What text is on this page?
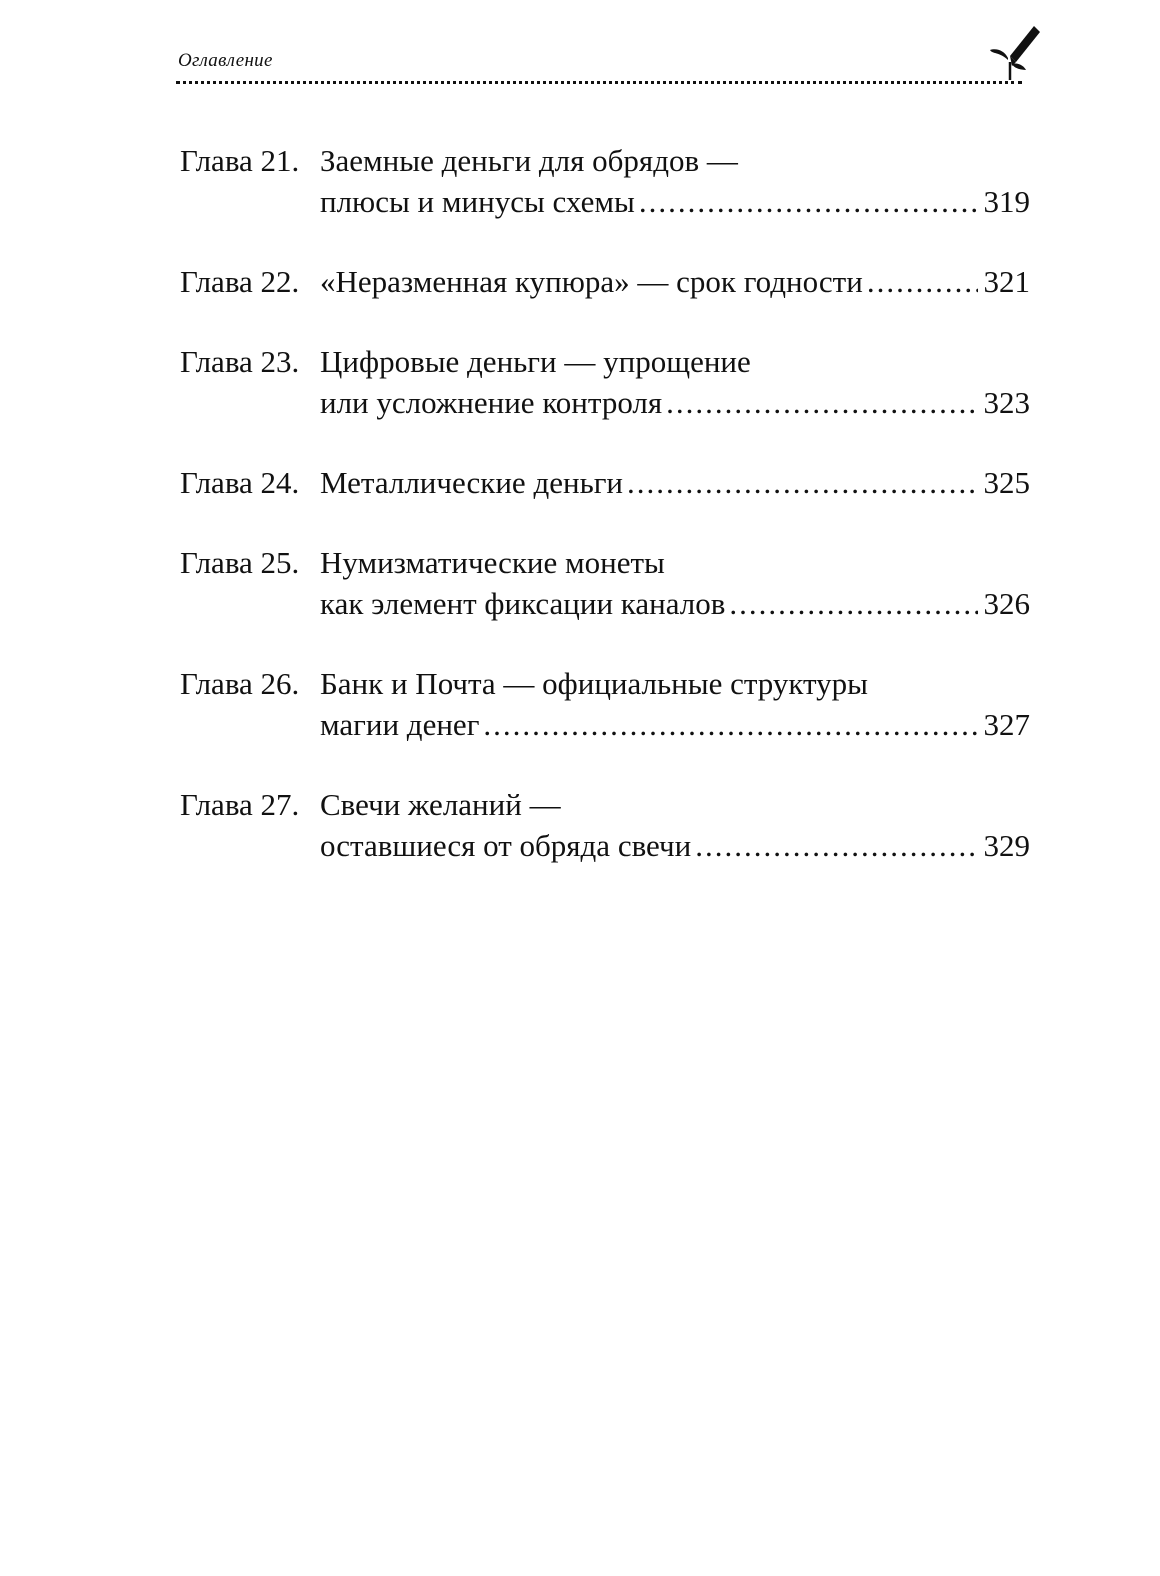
Оглавление
Глава 21. Заемные деньги для обрядов —
плюсы и минусы схемы .....	319
Глава 22. «Неразменная купюра» — срок годности .....	321
Глава 23. Цифровые деньги — упрощение
или усложнение контроля .....	323
Глава 24. Металлические деньги .....	325
Глава 25. Нумизматические монеты
как элемент фиксации каналов .....	326
Глава 26. Банк и Почта — официальные структуры
магии денег .....	327
Глава 27. Свечи желаний —
оставшиеся от обряда свечи .....	329
